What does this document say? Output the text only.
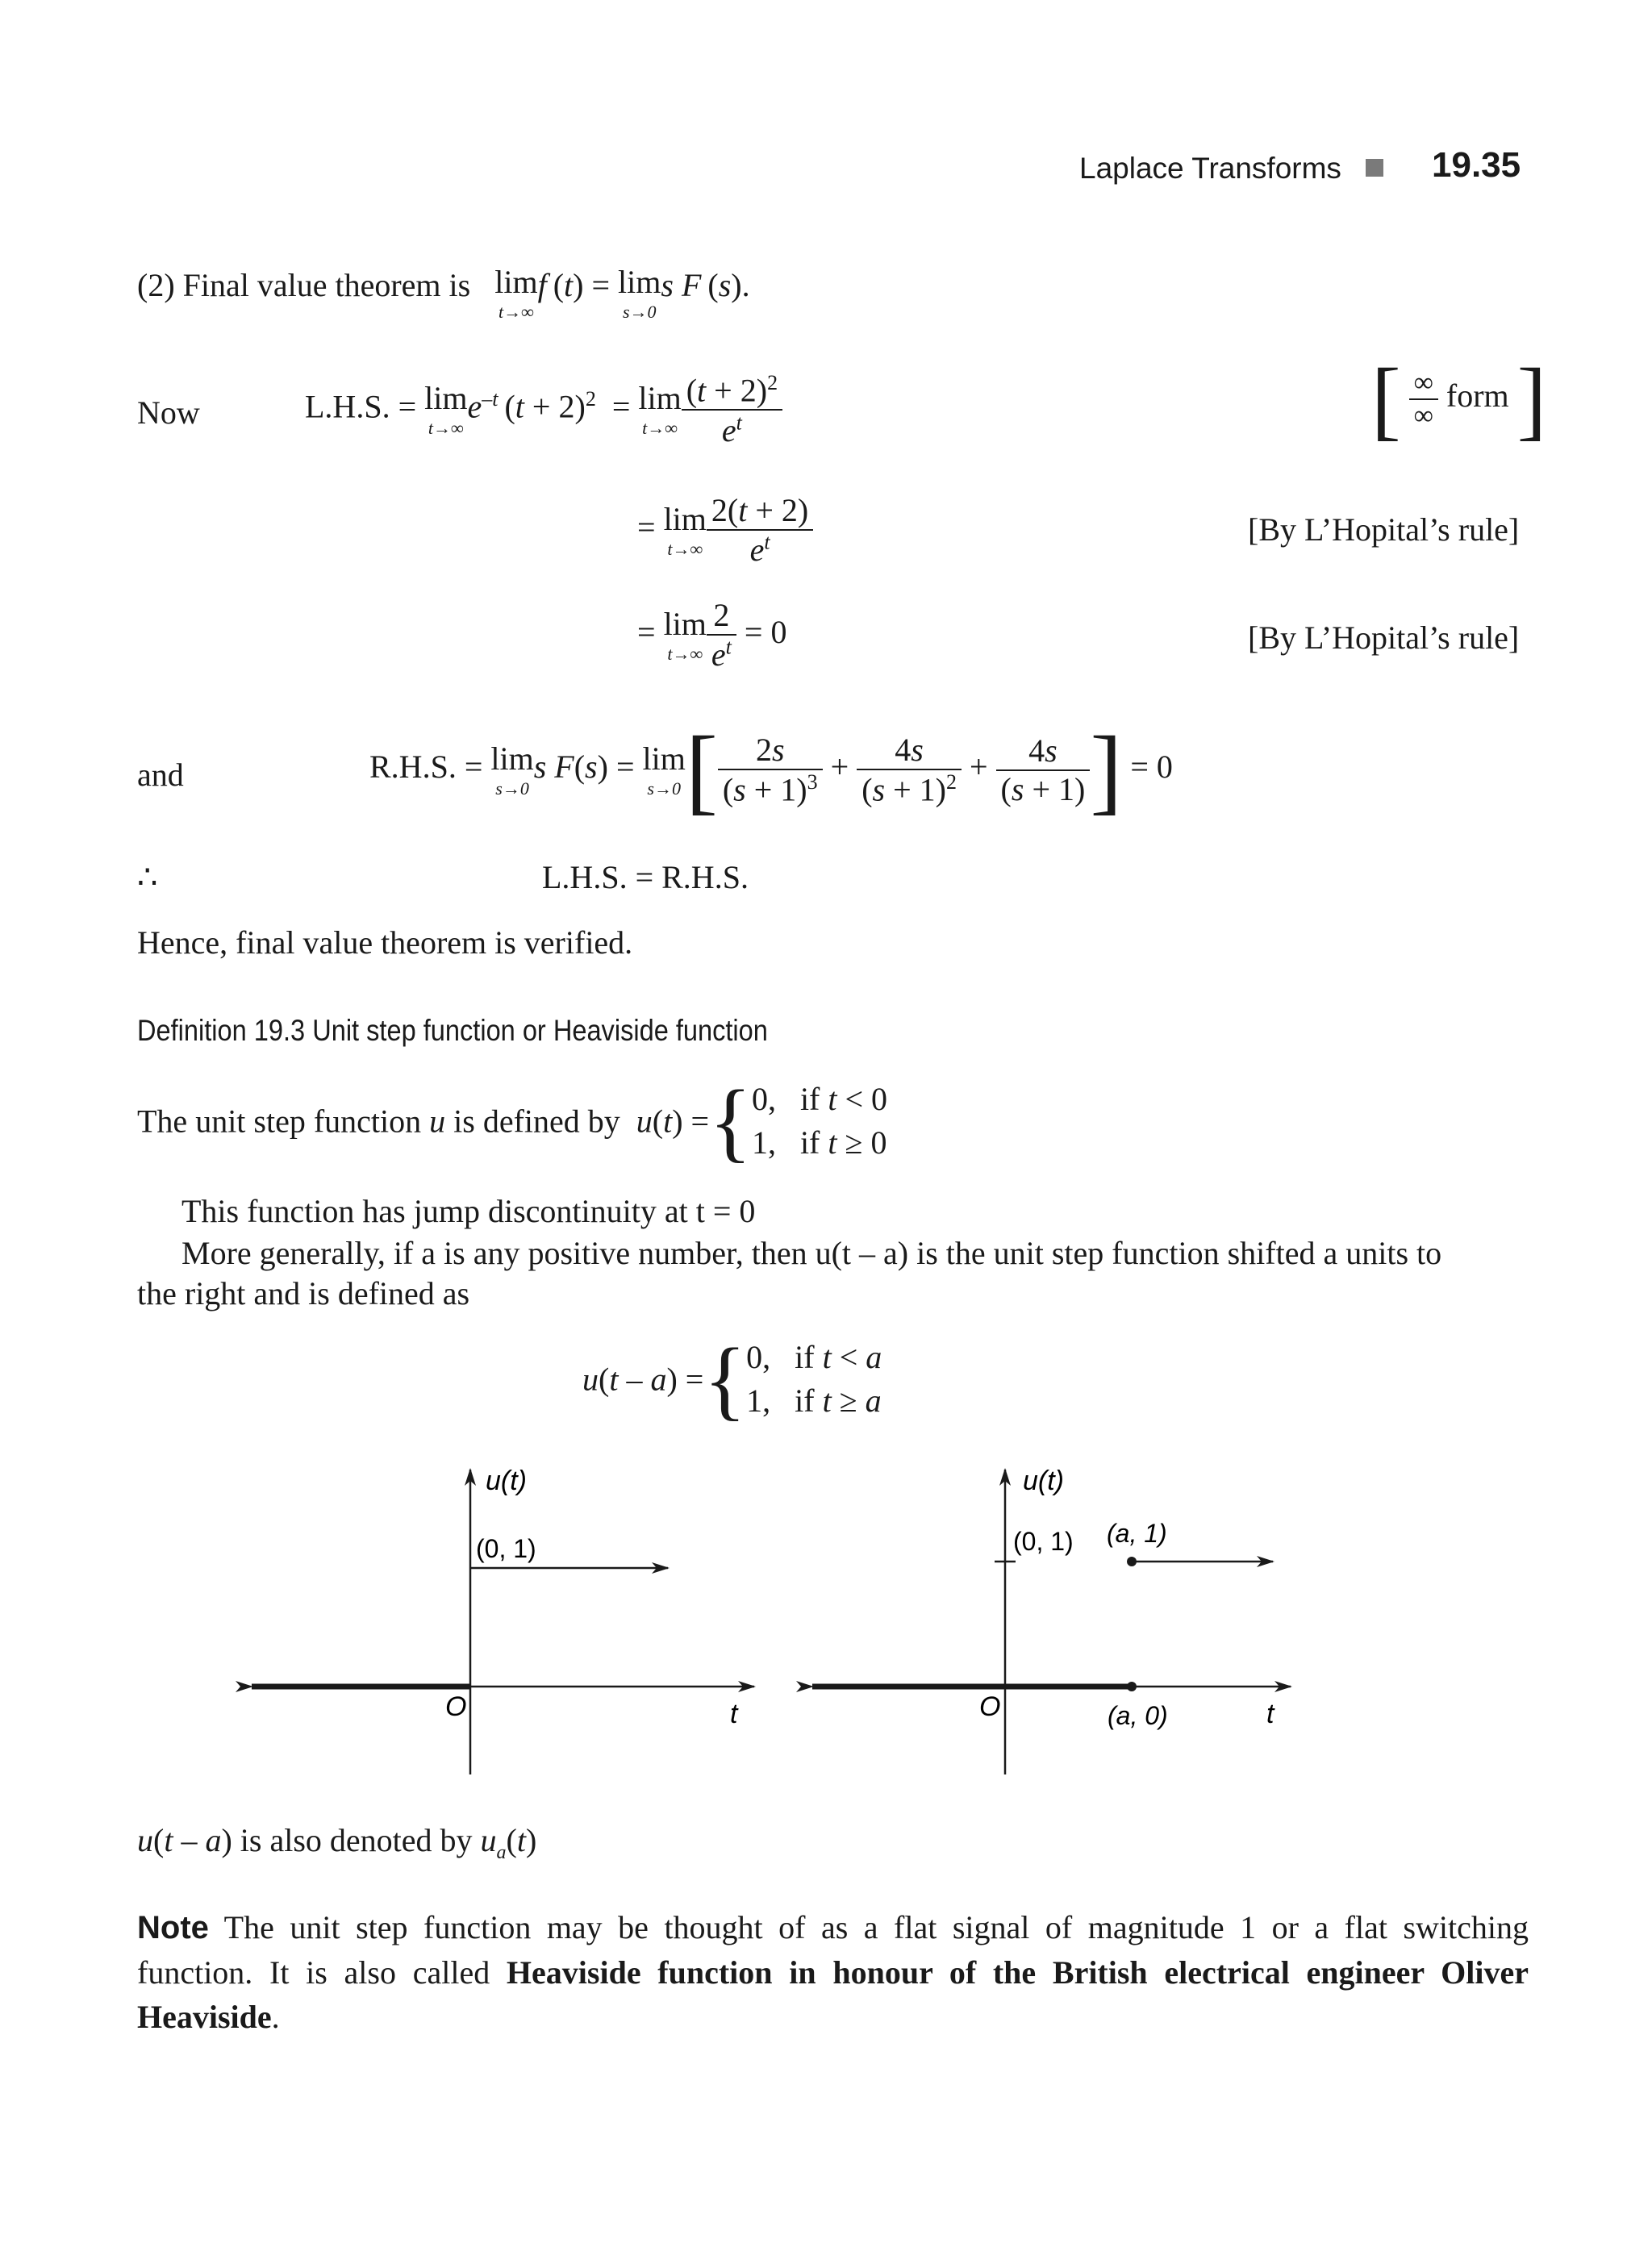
Laplace Transforms	19.35
(2) Final value theorem is lim
t→∞
f (t) = lim
s→0
s F (s).
Now	L.H.S. = lim
t→∞
$e^{-t}$ $(t + 2)^2 = \lim$
$t\to\infty \frac{(t + 2)^2}{e^t}$	[ $\frac{\infty}{\infty}$ form ]
= lim
$t\to\infty \frac{2(t + 2)}{e^t}$	[By L’Hopital’s rule]
= lim
$t\to\infty \frac{2}{e^t} = 0$	[By L’Hopital’s rule]
and	R.H.S. = lim
s→0
s F(s) = lim
s→0 [ $\frac{2s}{(s + 1)^3} + \frac{4s}{(s + 1)^2} + \frac{4s}{(s + 1)}$ ] = 0
∴	L.H.S. = R.H.S.
Hence, final value theorem is verified.
Definition 19.3 Unit step function or Heaviside function
The unit step function u is defined by u(t) ={0,   if t < 0
1,   if t ≥ 0
This function has jump discontinuity at t = 0
More generally, if a is any positive number, then u(t – a) is the unit step function shifted a units to
the right and is defined as
u(t – a) ={0,   if t < a
1,   if t ≥ a
u(t)
(0, 1)
O	t
u(t)
(0, 1) (a, 1)
(a, 0)
O	t
u(t – a) is also denoted by $u_a(t)$
Note The unit step function may be thought of as a flat signal of magnitude 1 or a flat switching
function. It is also called Heaviside function in honour of the British electrical engineer Oliver
Heaviside.
